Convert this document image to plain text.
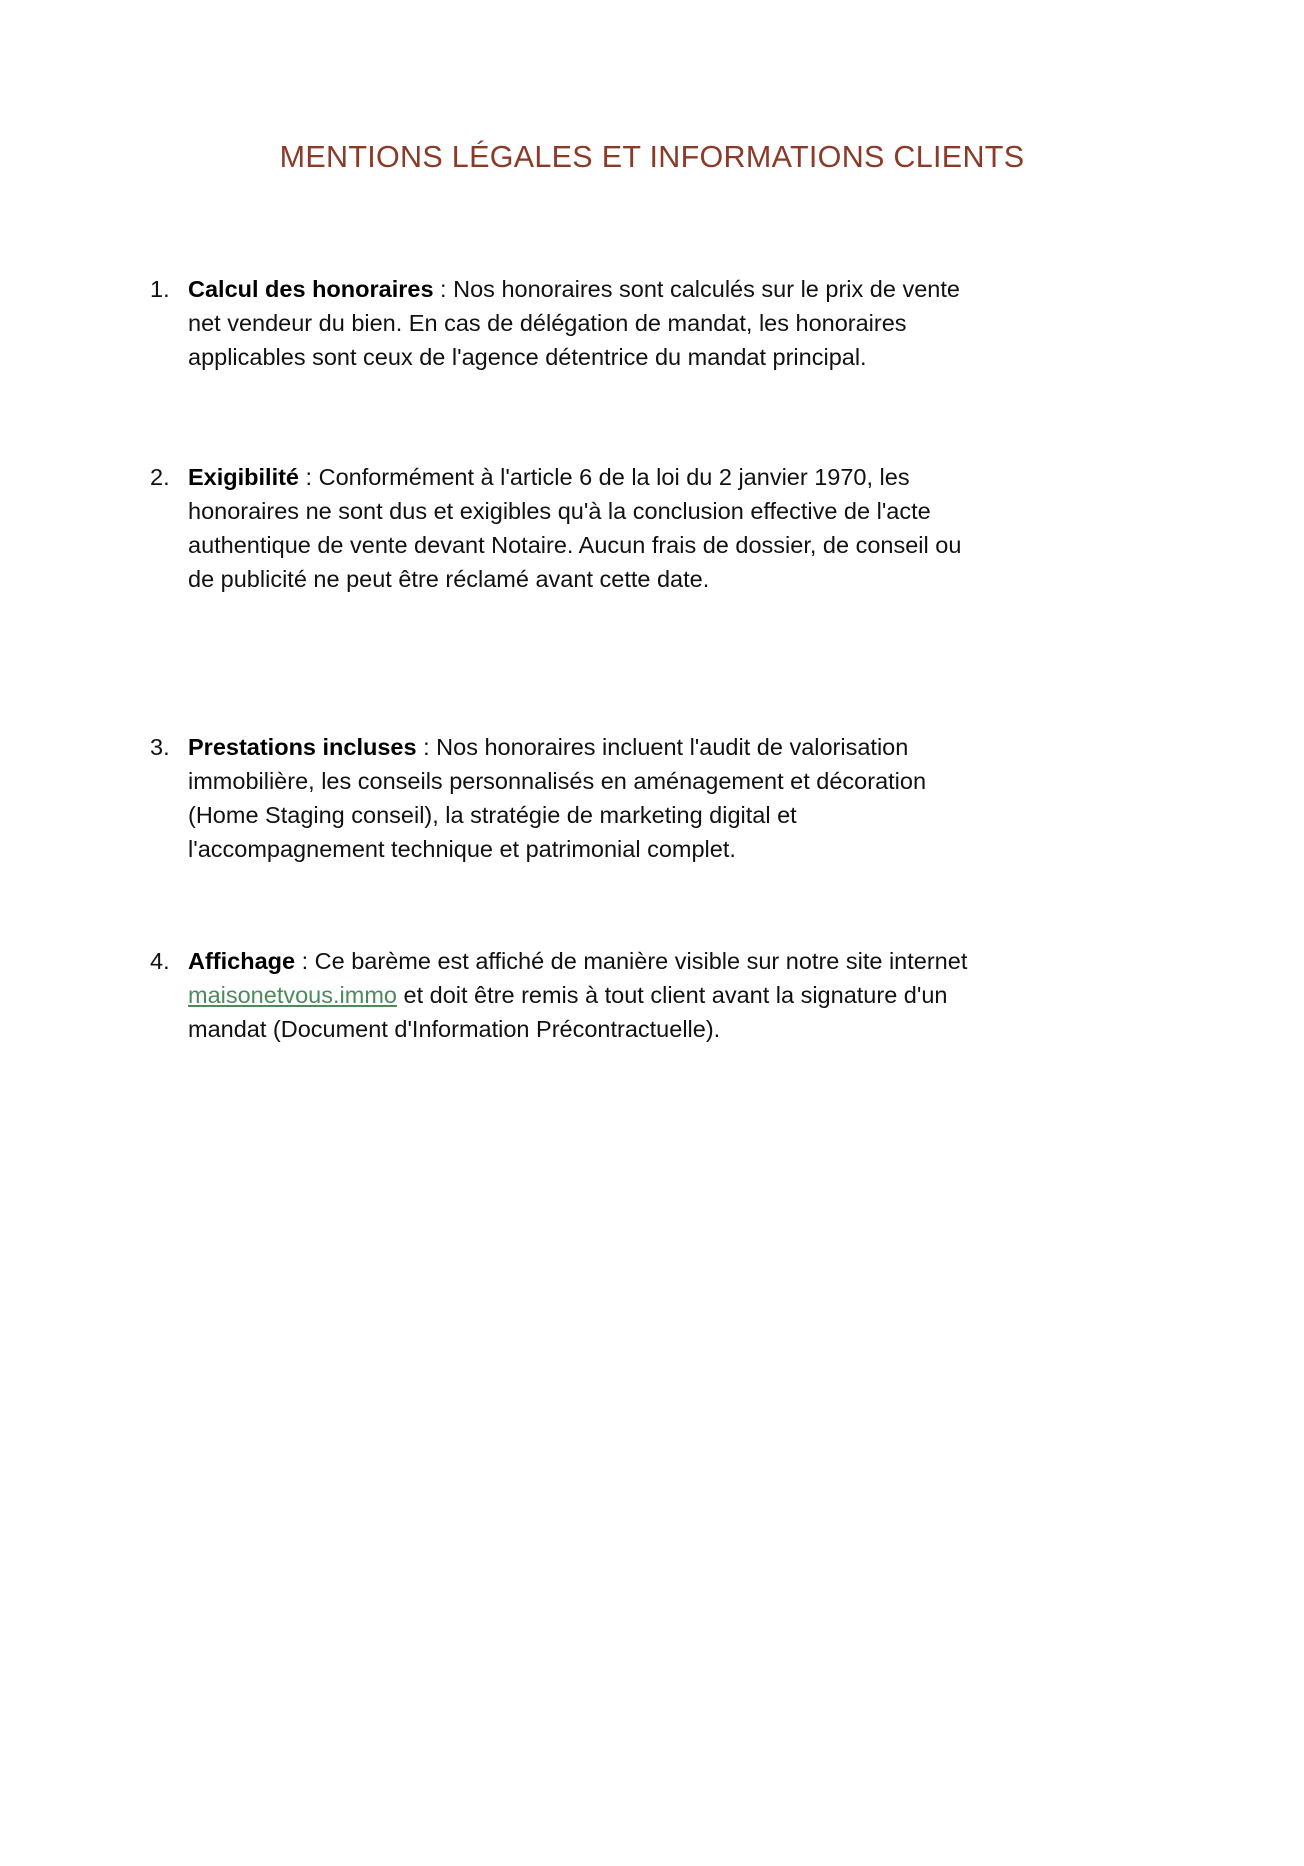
MENTIONS LÉGALES ET INFORMATIONS CLIENTS
1. Calcul des honoraires : Nos honoraires sont calculés sur le prix de vente net vendeur du bien. En cas de délégation de mandat, les honoraires applicables sont ceux de l'agence détentrice du mandat principal.
2. Exigibilité : Conformément à l'article 6 de la loi du 2 janvier 1970, les honoraires ne sont dus et exigibles qu'à la conclusion effective de l'acte authentique de vente devant Notaire. Aucun frais de dossier, de conseil ou de publicité ne peut être réclamé avant cette date.
3. Prestations incluses : Nos honoraires incluent l'audit de valorisation immobilière, les conseils personnalisés en aménagement et décoration (Home Staging conseil), la stratégie de marketing digital et l'accompagnement technique et patrimonial complet.
4. Affichage : Ce barème est affiché de manière visible sur notre site internet maisonetvous.immo et doit être remis à tout client avant la signature d'un mandat (Document d'Information Précontractuelle).
